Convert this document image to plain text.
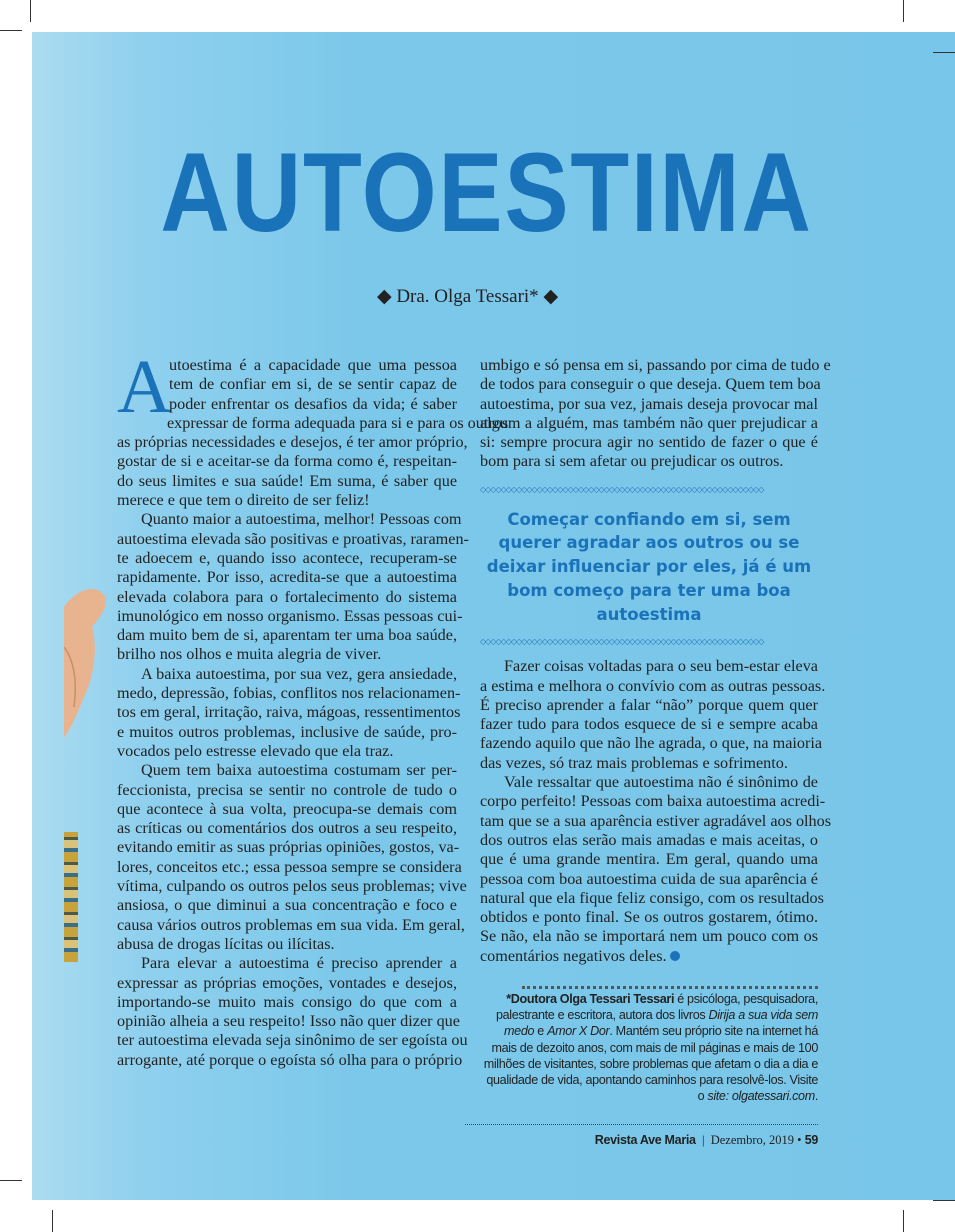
AUTOESTIMA
◆ Dra. Olga Tessari* ◆
A
utoestima é a capacidade que uma pessoa
tem de confiar em si, de se sentir capaz de
poder enfrentar os desafios da vida; é saber
expressar de forma adequada para si e para os outros
as próprias necessidades e desejos, é ter amor próprio,
gostar de si e aceitar-se da forma como é, respeitan-
do seus limites e sua saúde! Em suma, é saber que
merece e que tem o direito de ser feliz!
Quanto maior a autoestima, melhor! Pessoas com
autoestima elevada são positivas e proativas, raramen-
te adoecem e, quando isso acontece, recuperam-se
rapidamente. Por isso, acredita-se que a autoestima
elevada colabora para o fortalecimento do sistema
imunológico em nosso organismo. Essas pessoas cui-
dam muito bem de si, aparentam ter uma boa saúde,
brilho nos olhos e muita alegria de viver.
A baixa autoestima, por sua vez, gera ansiedade,
medo, depressão, fobias, conflitos nos relacionamen-
tos em geral, irritação, raiva, mágoas, ressentimentos
e muitos outros problemas, inclusive de saúde, pro-
vocados pelo estresse elevado que ela traz.
Quem tem baixa autoestima costumam ser per-
feccionista, precisa se sentir no controle de tudo o
que acontece à sua volta, preocupa-se demais com
as críticas ou comentários dos outros a seu respeito,
evitando emitir as suas próprias opiniões, gostos, va-
lores, conceitos etc.; essa pessoa sempre se considera
vítima, culpando os outros pelos seus problemas; vive
ansiosa, o que diminui a sua concentração e foco e
causa vários outros problemas em sua vida. Em geral,
abusa de drogas lícitas ou ilícitas.
Para elevar a autoestima é preciso aprender a
expressar as próprias emoções, vontades e desejos,
importando-se muito mais consigo do que com a
opinião alheia a seu respeito! Isso não quer dizer que
ter autoestima elevada seja sinônimo de ser egoísta ou
arrogante, até porque o egoísta só olha para o próprio
umbigo e só pensa em si, passando por cima de tudo e
de todos para conseguir o que deseja. Quem tem boa
autoestima, por sua vez, jamais deseja provocar mal
algum a alguém, mas também não quer prejudicar a
si: sempre procura agir no sentido de fazer o que é
bom para si sem afetar ou prejudicar os outros.
◇◇◇◇◇◇◇◇◇◇◇◇◇◇◇◇◇◇◇◇◇◇◇◇◇◇◇◇◇◇◇◇◇◇◇◇◇◇◇◇◇◇◇◇◇◇◇◇◇◇◇◇◇◇◇
Começar confiando em si, sem querer agradar aos outros ou se deixar influenciar por eles, já é um bom começo para ter uma boa autoestima
◇◇◇◇◇◇◇◇◇◇◇◇◇◇◇◇◇◇◇◇◇◇◇◇◇◇◇◇◇◇◇◇◇◇◇◇◇◇◇◇◇◇◇◇◇◇◇◇◇◇◇◇◇◇◇
Fazer coisas voltadas para o seu bem-estar eleva
a estima e melhora o convívio com as outras pessoas.
É preciso aprender a falar “não” porque quem quer
fazer tudo para todos esquece de si e sempre acaba
fazendo aquilo que não lhe agrada, o que, na maioria
das vezes, só traz mais problemas e sofrimento.
Vale ressaltar que autoestima não é sinônimo de
corpo perfeito! Pessoas com baixa autoestima acredi-
tam que se a sua aparência estiver agradável aos olhos
dos outros elas serão mais amadas e mais aceitas, o
que é uma grande mentira. Em geral, quando uma
pessoa com boa autoestima cuida de sua aparência é
natural que ela fique feliz consigo, com os resultados
obtidos e ponto final. Se os outros gostarem, ótimo.
Se não, ela não se importará nem um pouco com os
comentários negativos deles.
*Doutora Olga Tessari Tessari é psicóloga, pesquisadora, palestrante e escritora, autora dos livros Dirija a sua vida sem medo e Amor X Dor. Mantém seu próprio site na internet há mais de dezoito anos, com mais de mil páginas e mais de 100 milhões de visitantes, sobre problemas que afetam o dia a dia e qualidade de vida, apontando caminhos para resolvê-los. Visite o site: olgatessari.com.
Revista Ave Maria | Dezembro, 2019 • 59
